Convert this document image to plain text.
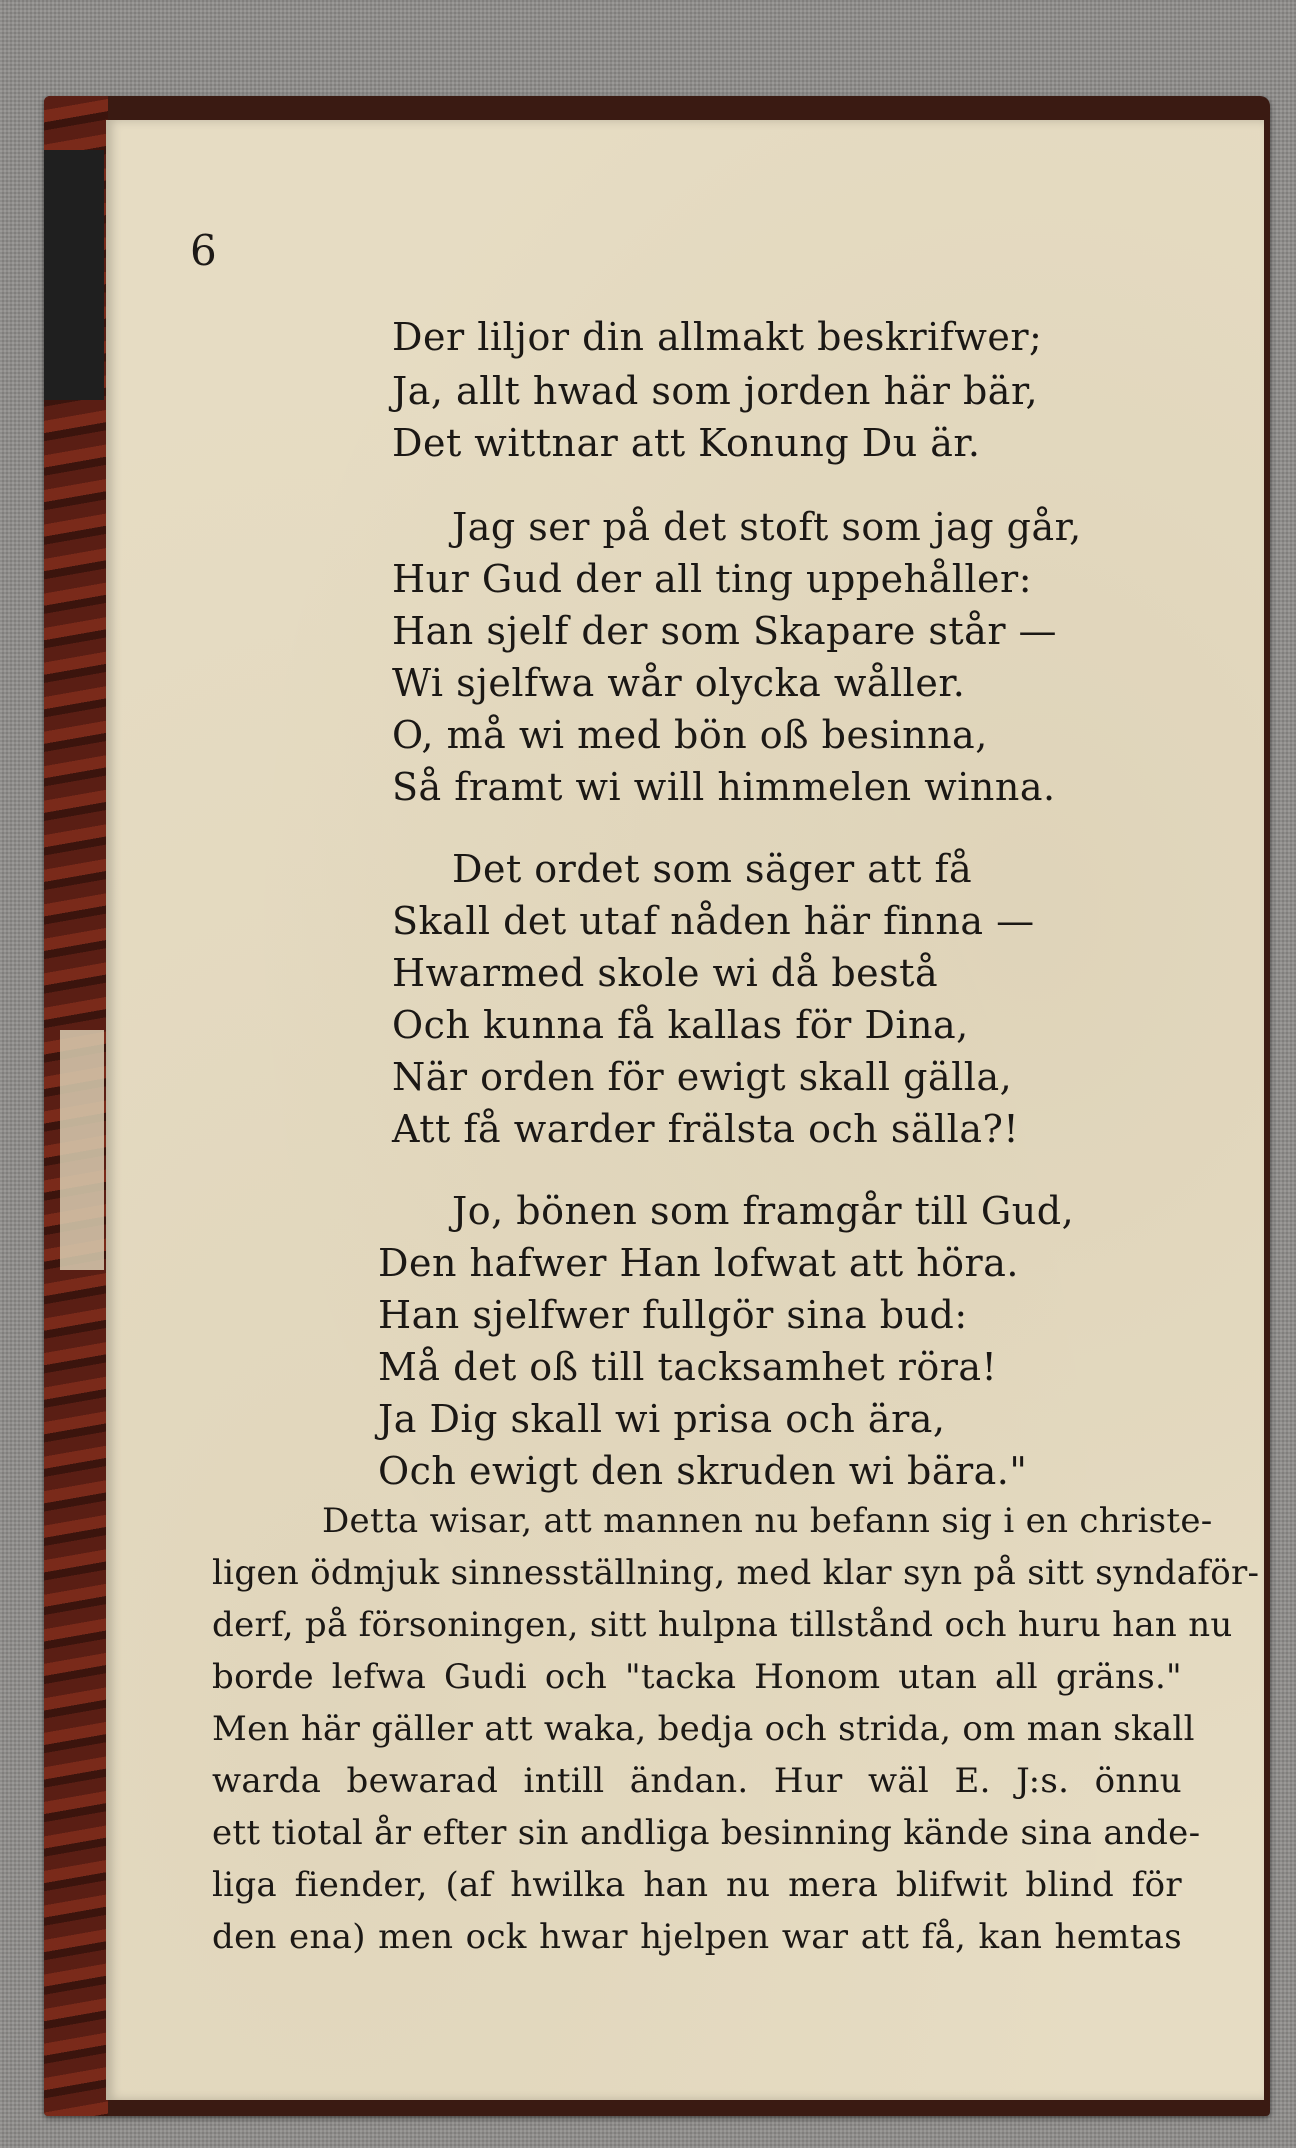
6
Der liljor din allmakt beskrifwer;
Ja, allt hwad som jorden här bär,
Det wittnar att Konung Du är.
Jag ser på det stoft som jag går,
Hur Gud der all ting uppehåller:
Han sjelf der som Skapare står —
Wi sjelfwa wår olycka wåller.
O, må wi med bön oß besinna,
Så framt wi will himmelen winna.
Det ordet som säger att få
Skall det utaf nåden här finna —
Hwarmed skole wi då bestå
Och kunna få kallas för Dina,
När orden för ewigt skall gälla,
Att få warder frälsta och sälla?!
Jo, bönen som framgår till Gud,
Den hafwer Han lofwat att höra.
Han sjelfwer fullgör sina bud:
Må det oß till tacksamhet röra!
Ja Dig skall wi prisa och ära,
Och ewigt den skruden wi bära."
Detta wisar, att mannen nu befann sig i en christe-
ligen ödmjuk sinnesställning, med klar syn på sitt syndaför-
derf, på försoningen, sitt hulpna tillstånd och huru han nu
borde lefwa Gudi och "tacka Honom utan all gräns."
Men här gäller att waka, bedja och strida, om man skall
warda bewarad intill ändan. Hur wäl E. J:s. önnu
ett tiotal år efter sin andliga besinning kände sina andе-
liga fiender, (af hwilka han nu mera blifwit blind för
den ena) men ock hwar hjelpen war att få, kan hemtas
